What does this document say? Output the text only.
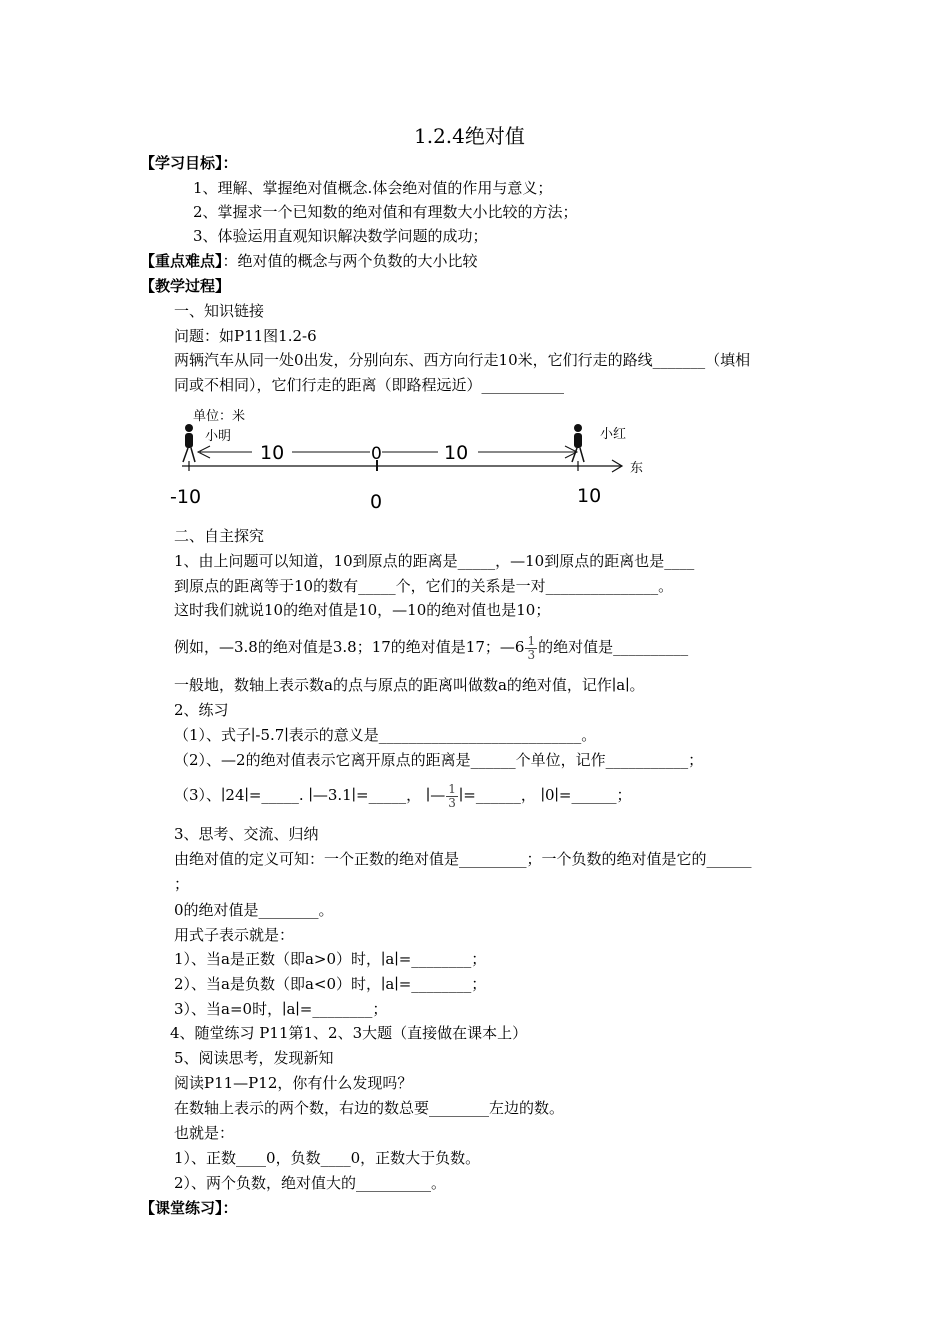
1.2.4绝对值
【学习目标】：
1、理解、掌握绝对值概念.体会绝对值的作用与意义；
2、掌握求一个已知数的绝对值和有理数大小比较的方法；
3、体验运用直观知识解决数学问题的成功；
【重点难点】：绝对值的概念与两个负数的大小比较
【教学过程】
一、知识链接
问题：如P11图1.2-6
两辆汽车从同一处0出发，分别向东、西方向行走10米，它们行走的路线_______（填相
同或不相同），它们行走的距离（即路程远近）___________
单位：米
小明	小红
10	10
0
东
-10	0	10
二、自主探究
1、由上问题可以知道，10到原点的距离是_____，—10到原点的距离也是____
到原点的距离等于10的数有_____个，它们的关系是一对_______________。
这时我们就说10的绝对值是10，—10的绝对值也是10；
例如，—3.8的绝对值是3.8；17的绝对值是17；—6 $\frac{1}{3}$ 的绝对值是__________
一般地，数轴上表示数a的点与原点的距离叫做数a的绝对值，记作∣a∣。
2、练习
（1）、式子∣-5.7∣表示的意义是___________________________。
（2）、—2的绝对值表示它离开原点的距离是______个单位，记作___________；
（3）、∣24∣=_____. ∣—3.1∣=_____， ∣— $\frac{1}{3}$ ∣=______， ∣0∣=______；
3、思考、交流、归纳
由绝对值的定义可知：一个正数的绝对值是_________；一个负数的绝对值是它的______
；
0的绝对值是________。
用式子表示就是：
1）、当a是正数（即a>0）时，∣a∣=________；
2）、当a是负数（即a<0）时，∣a∣=________；
3）、当a=0时，∣a∣=________；
4、随堂练习 P11第1、2、3大题（直接做在课本上）
5、阅读思考，发现新知
阅读P11—P12，你有什么发现吗？
在数轴上表示的两个数，右边的数总要________左边的数。
也就是：
1）、正数____0，负数____0，正数大于负数。
2）、两个负数，绝对值大的__________。
【课堂练习】：
